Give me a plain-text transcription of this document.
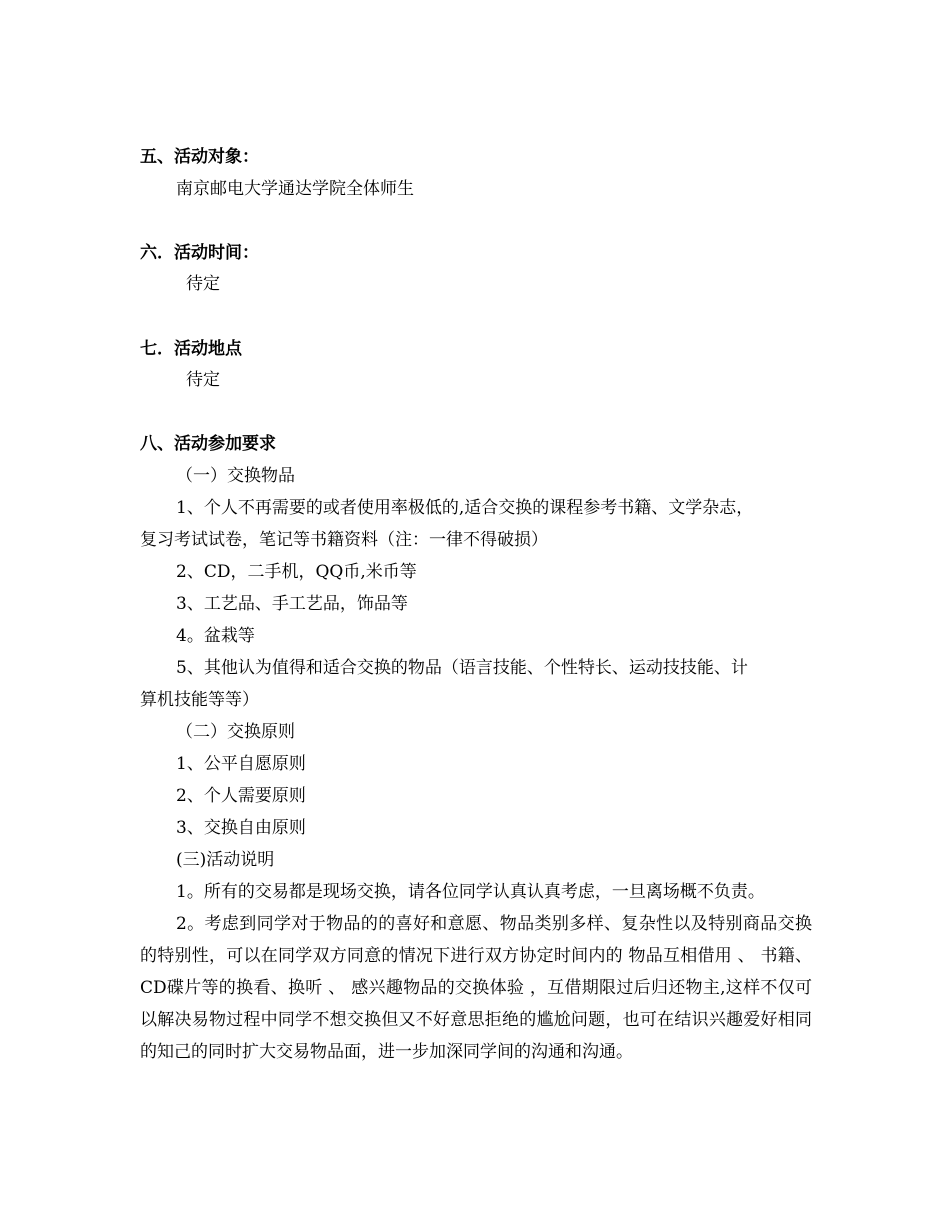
五、活动对象：
南京邮电大学通达学院全体师生
六．活动时间：
待定
七．活动地点
待定
八、活动参加要求
（一）交换物品
1、个人不再需要的或者使用率极低的,适合交换的课程参考书籍、文学杂志，
复习考试试卷，笔记等书籍资料（注：一律不得破损）
2、CD，二手机，QQ币,米币等
3、工艺品、手工艺品，饰品等
4。盆栽等
5、其他认为值得和适合交换的物品（语言技能、个性特长、运动技技能、计
算机技能等等）
（二）交换原则
1、公平自愿原则
2、个人需要原则
3、交换自由原则
(三)活动说明
1。所有的交易都是现场交换，请各位同学认真认真考虑，一旦离场概不负责。
2。考虑到同学对于物品的的喜好和意愿、物品类别多样、复杂性以及特别商品交换的特别性，可以在同学双方同意的情况下进行双方协定时间内的 物品互相借用 、 书籍、CD碟片等的换看、换听 、 感兴趣物品的交换体验 ，互借期限过后归还物主,这样不仅可以解决易物过程中同学不想交换但又不好意思拒绝的尴尬问题，也可在结识兴趣爱好相同的知己的同时扩大交易物品面，进一步加深同学间的沟通和沟通。
